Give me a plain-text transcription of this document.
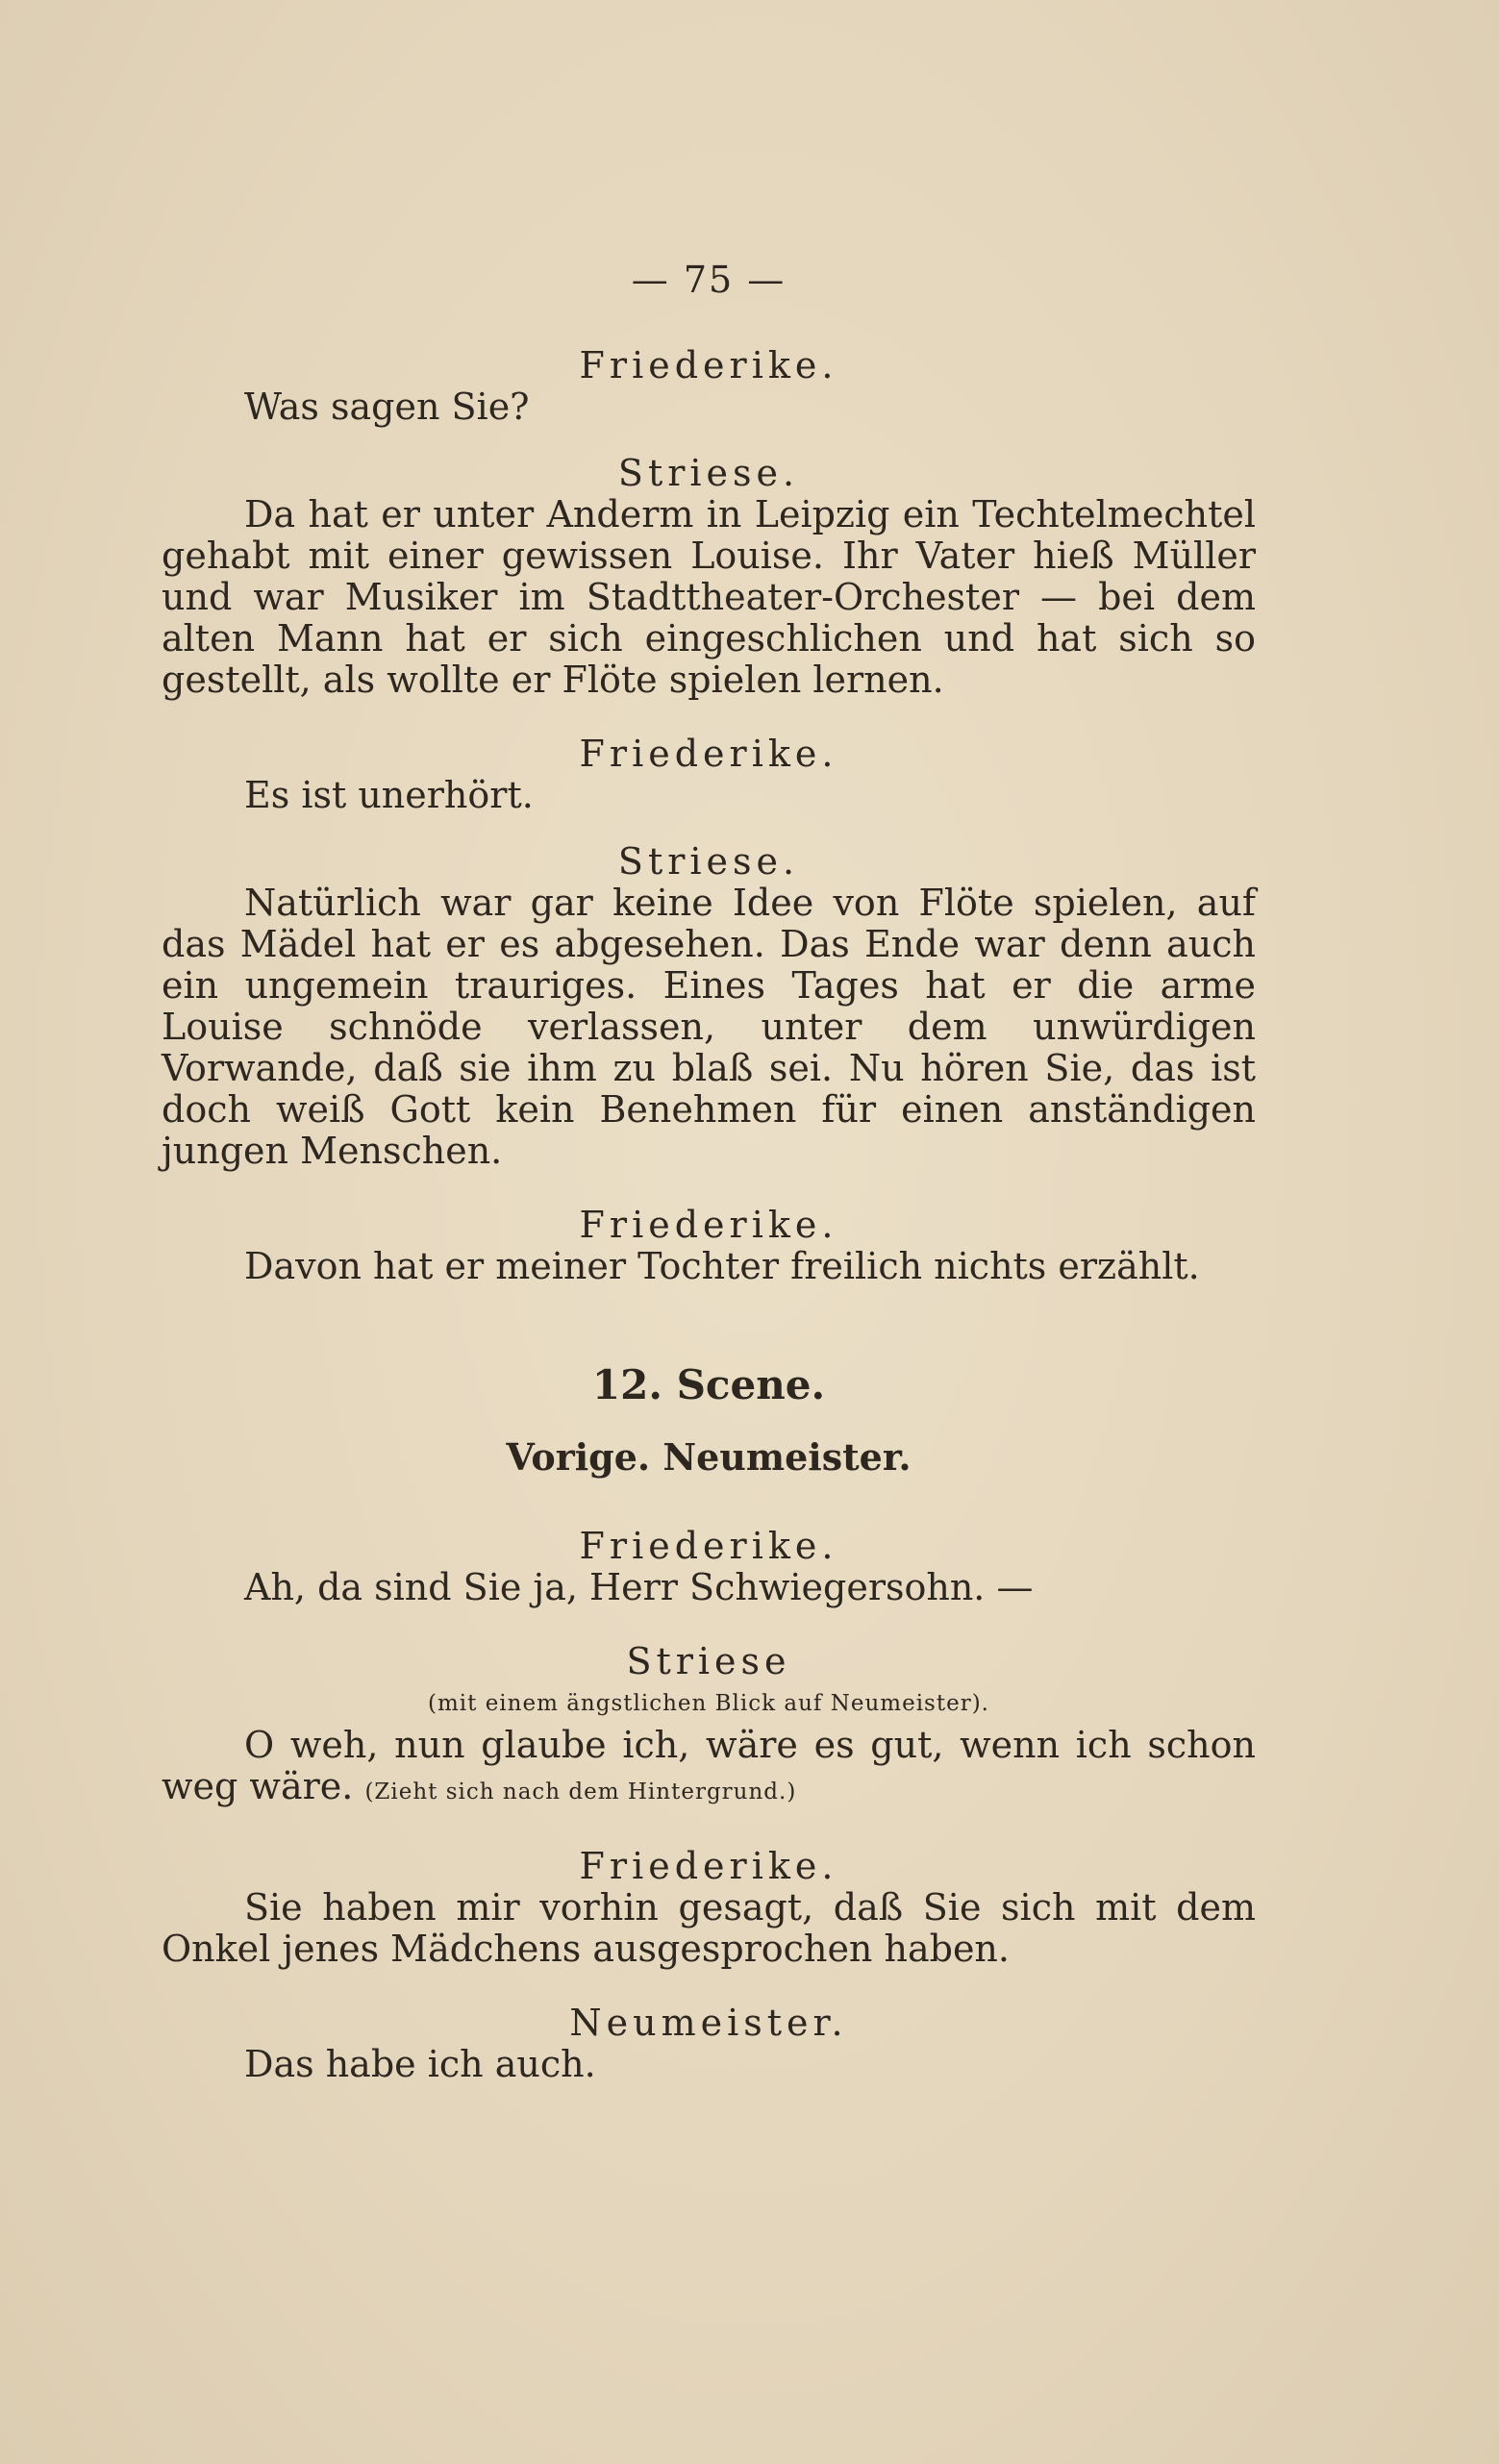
— 75 —

Friederike.

Was sagen Sie?

Striese.

Da hat er unter Anderm in Leipzig ein Techtelmechtel gehabt mit einer gewissen Louise. Ihr Vater hieß Müller und war Musiker im Stadttheater-Orchester — bei dem alten Mann hat er sich eingeschlichen und hat sich so gestellt, als wollte er Flöte spielen lernen.

Friederike.

Es ist unerhört.

Striese.

Natürlich war gar keine Idee von Flöte spielen, auf das Mädel hat er es abgesehen. Das Ende war denn auch ein ungemein trauriges. Eines Tages hat er die arme Louise schnöde verlassen, unter dem unwürdigen Vorwande, daß sie ihm zu blaß sei. Nu hören Sie, das ist doch weiß Gott kein Benehmen für einen anständigen jungen Menschen.

Friederike.

Davon hat er meiner Tochter freilich nichts erzählt.

12. Scene.

Vorige. Neumeister.

Friederike.

Ah, da sind Sie ja, Herr Schwiegersohn. —

Striese

(mit einem ängstlichen Blick auf Neumeister).

O weh, nun glaube ich, wäre es gut, wenn ich schon weg wäre. (Zieht sich nach dem Hintergrund.)

Friederike.

Sie haben mir vorhin gesagt, daß Sie sich mit dem Onkel jenes Mädchens ausgesprochen haben.

Neumeister.

Das habe ich auch.
